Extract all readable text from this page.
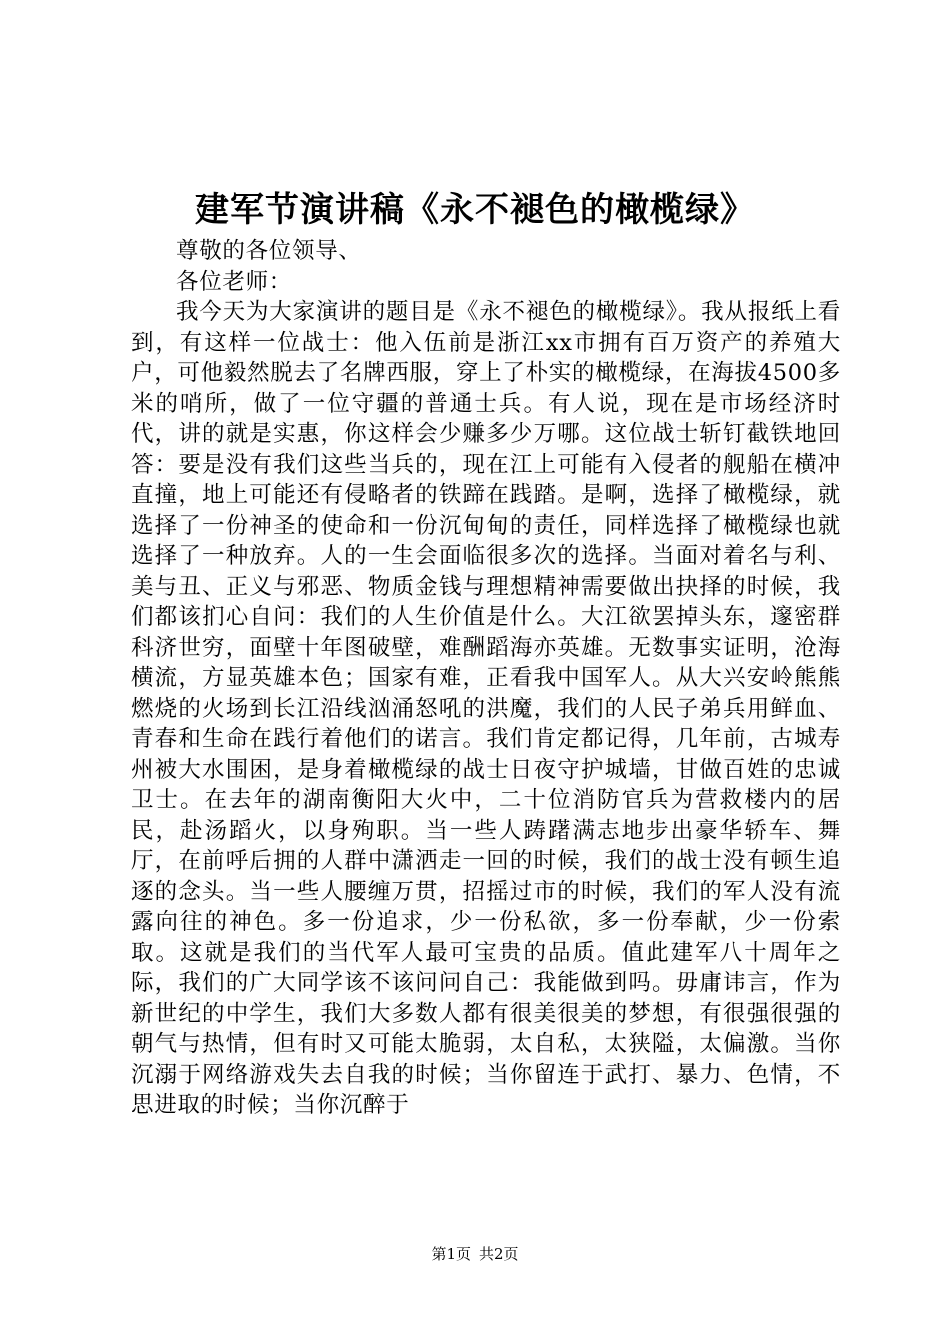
建军节演讲稿《永不褪色的橄榄绿》

尊敬的各位领导、

各位老师：

我今天为大家演讲的题目是《永不褪色的橄榄绿》。我从报纸上看到，有这样一位战士：他入伍前是浙江xx市拥有百万资产的养殖大户，可他毅然脱去了名牌西服，穿上了朴实的橄榄绿，在海拔4500多米的哨所，做了一位守疆的普通士兵。有人说，现在是市场经济时代，讲的就是实惠，你这样会少赚多少万哪。这位战士斩钉截铁地回答：要是没有我们这些当兵的，现在江上可能有入侵者的舰船在横冲直撞，地上可能还有侵略者的铁蹄在践踏。是啊，选择了橄榄绿，就选择了一份神圣的使命和一份沉甸甸的责任，同样选择了橄榄绿也就选择了一种放弃。人的一生会面临很多次的选择。当面对着名与利、美与丑、正义与邪恶、物质金钱与理想精神需要做出抉择的时候，我们都该扪心自问：我们的人生价值是什么。大江欲罢掉头东，邃密群科济世穷，面壁十年图破壁，难酬蹈海亦英雄。无数事实证明，沧海横流，方显英雄本色；国家有难，正看我中国军人。从大兴安岭熊熊燃烧的火场到长江沿线汹涌怒吼的洪魔，我们的人民子弟兵用鲜血、青春和生命在践行着他们的诺言。我们肯定都记得，几年前，古城寿州被大水围困，是身着橄榄绿的战士日夜守护城墙，甘做百姓的忠诚卫士。在去年的湖南衡阳大火中，二十位消防官兵为营救楼内的居民，赴汤蹈火，以身殉职。当一些人踌躇满志地步出豪华轿车、舞厅，在前呼后拥的人群中潇洒走一回的时候，我们的战士没有顿生追逐的念头。当一些人腰缠万贯，招摇过市的时候，我们的军人没有流露向往的神色。多一份追求，少一份私欲，多一份奉献，少一份索取。这就是我们的当代军人最可宝贵的品质。值此建军八十周年之际，我们的广大同学该不该问问自己：我能做到吗。毋庸讳言，作为新世纪的中学生，我们大多数人都有很美很美的梦想，有很强很强的朝气与热情，但有时又可能太脆弱，太自私，太狭隘，太偏激。当你沉溺于网络游戏失去自我的时候；当你留连于武打、暴力、色情，不思进取的时候；当你沉醉于

第1页 共2页
